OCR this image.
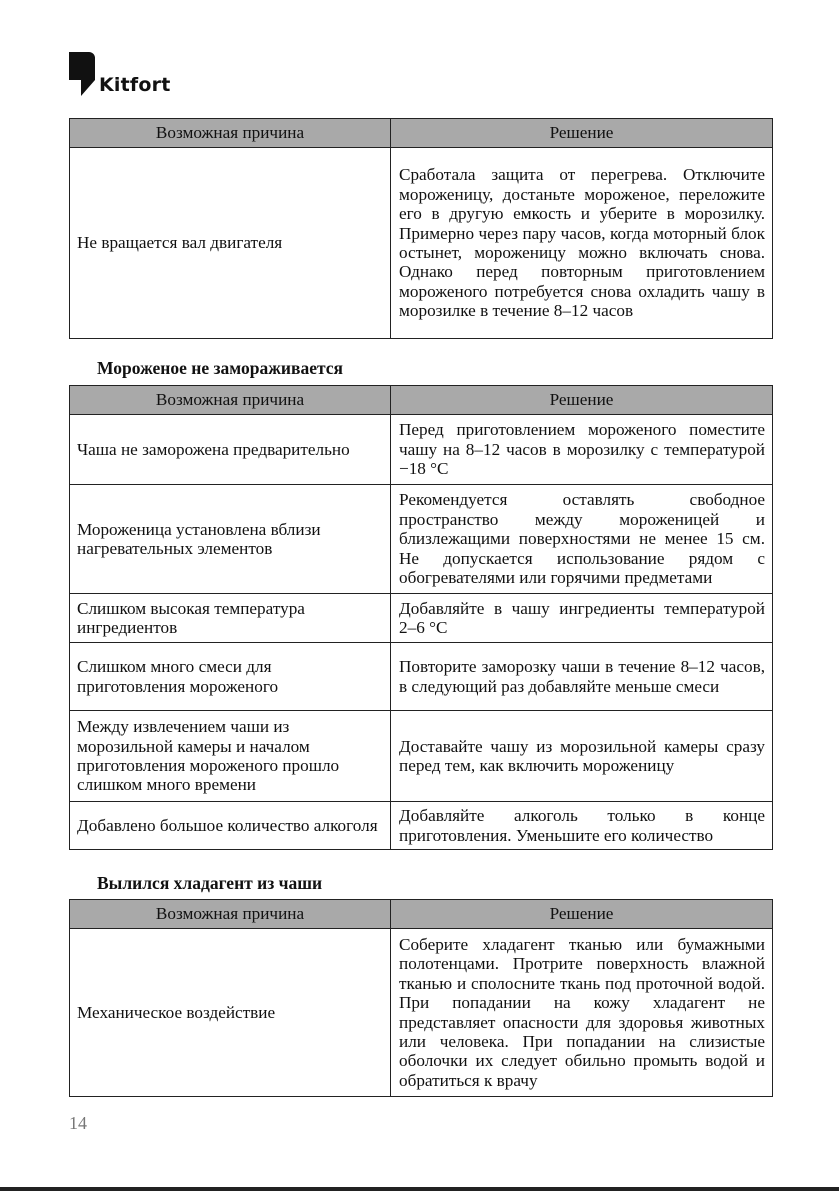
Kitfort
Возможная причина	Решение
Не вращается вал двигателя	Сработала защита от перегрева. Отключите мороженицу, достаньте мороженое, переложите его в другую емкость и уберите в морозилку. Примерно через пару часов, когда моторный блок остынет, мороженицу можно включать снова. Однако перед повторным приготовлением мороженого потребуется снова охладить чашу в морозилке в течение 8–12 часов
Мороженое не замораживается
Возможная причина	Решение
Чаша не заморожена предварительно	Перед приготовлением мороженого поместите чашу на 8–12 часов в морозилку с температурой −18 °C
Мороженица установлена вблизи нагревательных элементов	Рекомендуется оставлять свободное пространство между мороженицей и близлежащими поверхностями не менее 15 см. Не допускается использование рядом с обогревателями или горячими предметами
Слишком высокая температура ингредиентов	Добавляйте в чашу ингредиенты температурой 2–6 °C
Слишком много смеси для приготовления мороженого	Повторите заморозку чаши в течение 8–12 часов, в следующий раз добавляйте меньше смеси
Между извлечением чаши из морозильной камеры и началом приготовления мороженого прошло слишком много времени	Доставайте чашу из морозильной камеры сразу перед тем, как включить мороженицу
Добавлено большое количество алкоголя	Добавляйте алкоголь только в конце приготовления. Уменьшите его количество
Вылился хладагент из чаши
Возможная причина	Решение
Механическое воздействие	Соберите хладагент тканью или бумажными полотенцами. Протрите поверхность влажной тканью и сполосните ткань под проточной водой. При попадании на кожу хладагент не представляет опасности для здоровья животных или человека. При попадании на слизистые оболочки их следует обильно промыть водой и обратиться к врачу
14
